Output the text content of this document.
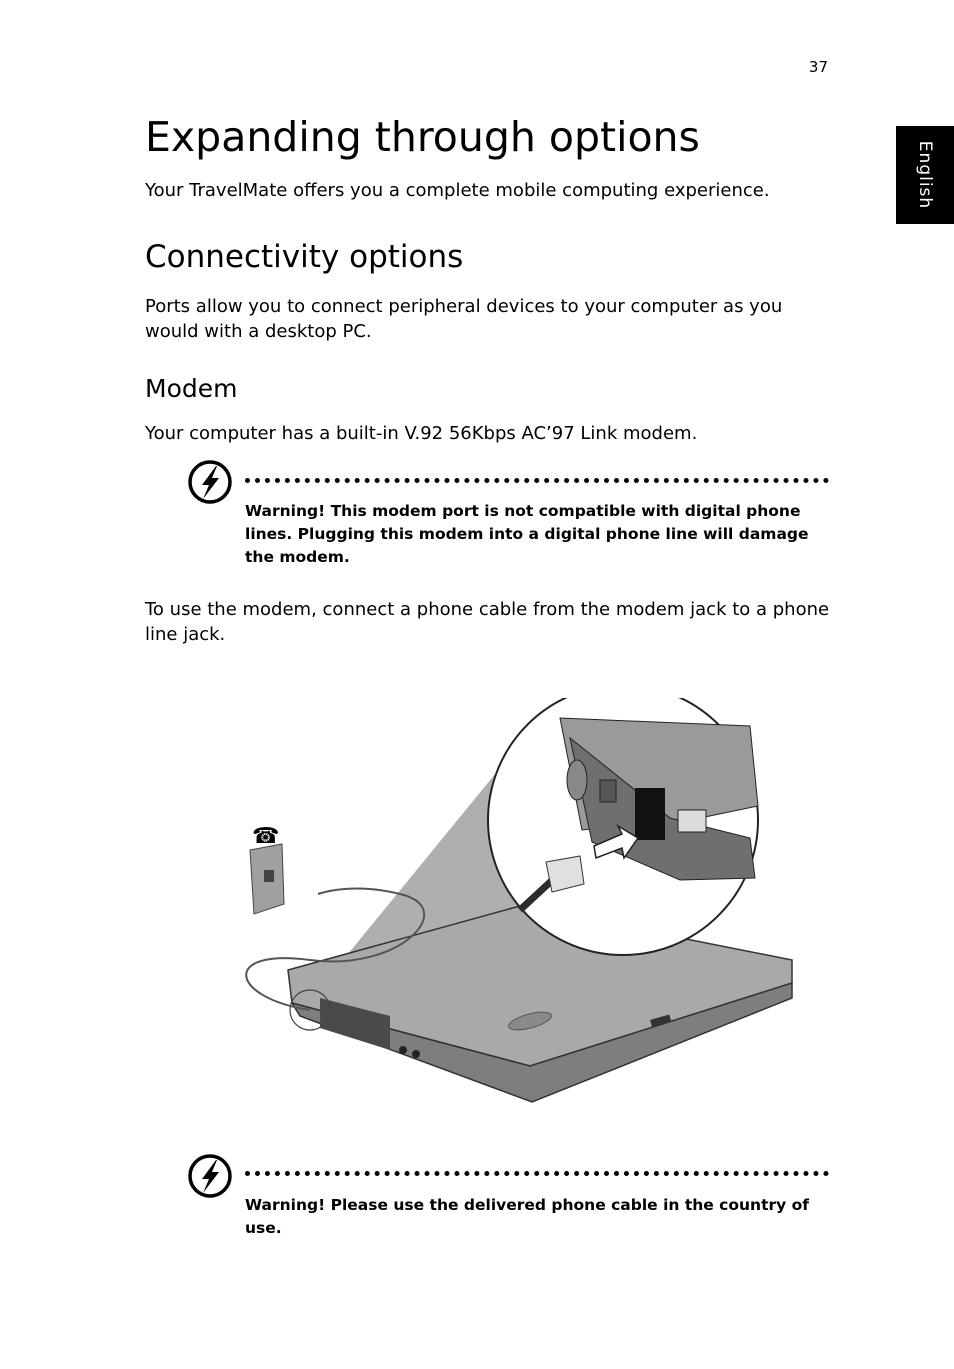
37
English
Expanding through options

Your TravelMate offers you a complete mobile computing experience.

Connectivity options

Ports allow you to connect peripheral devices to your computer as you would with a desktop PC.

Modem

Your computer has a built-in V.92 56Kbps AC’97 Link modem.

Warning! This modem port is not compatible with digital phone lines. Plugging this modem into a digital phone line will damage the modem.

To use the modem, connect a phone cable from the modem jack to a phone line jack.

☎

Warning! Please use the delivered phone cable in the country of use.
